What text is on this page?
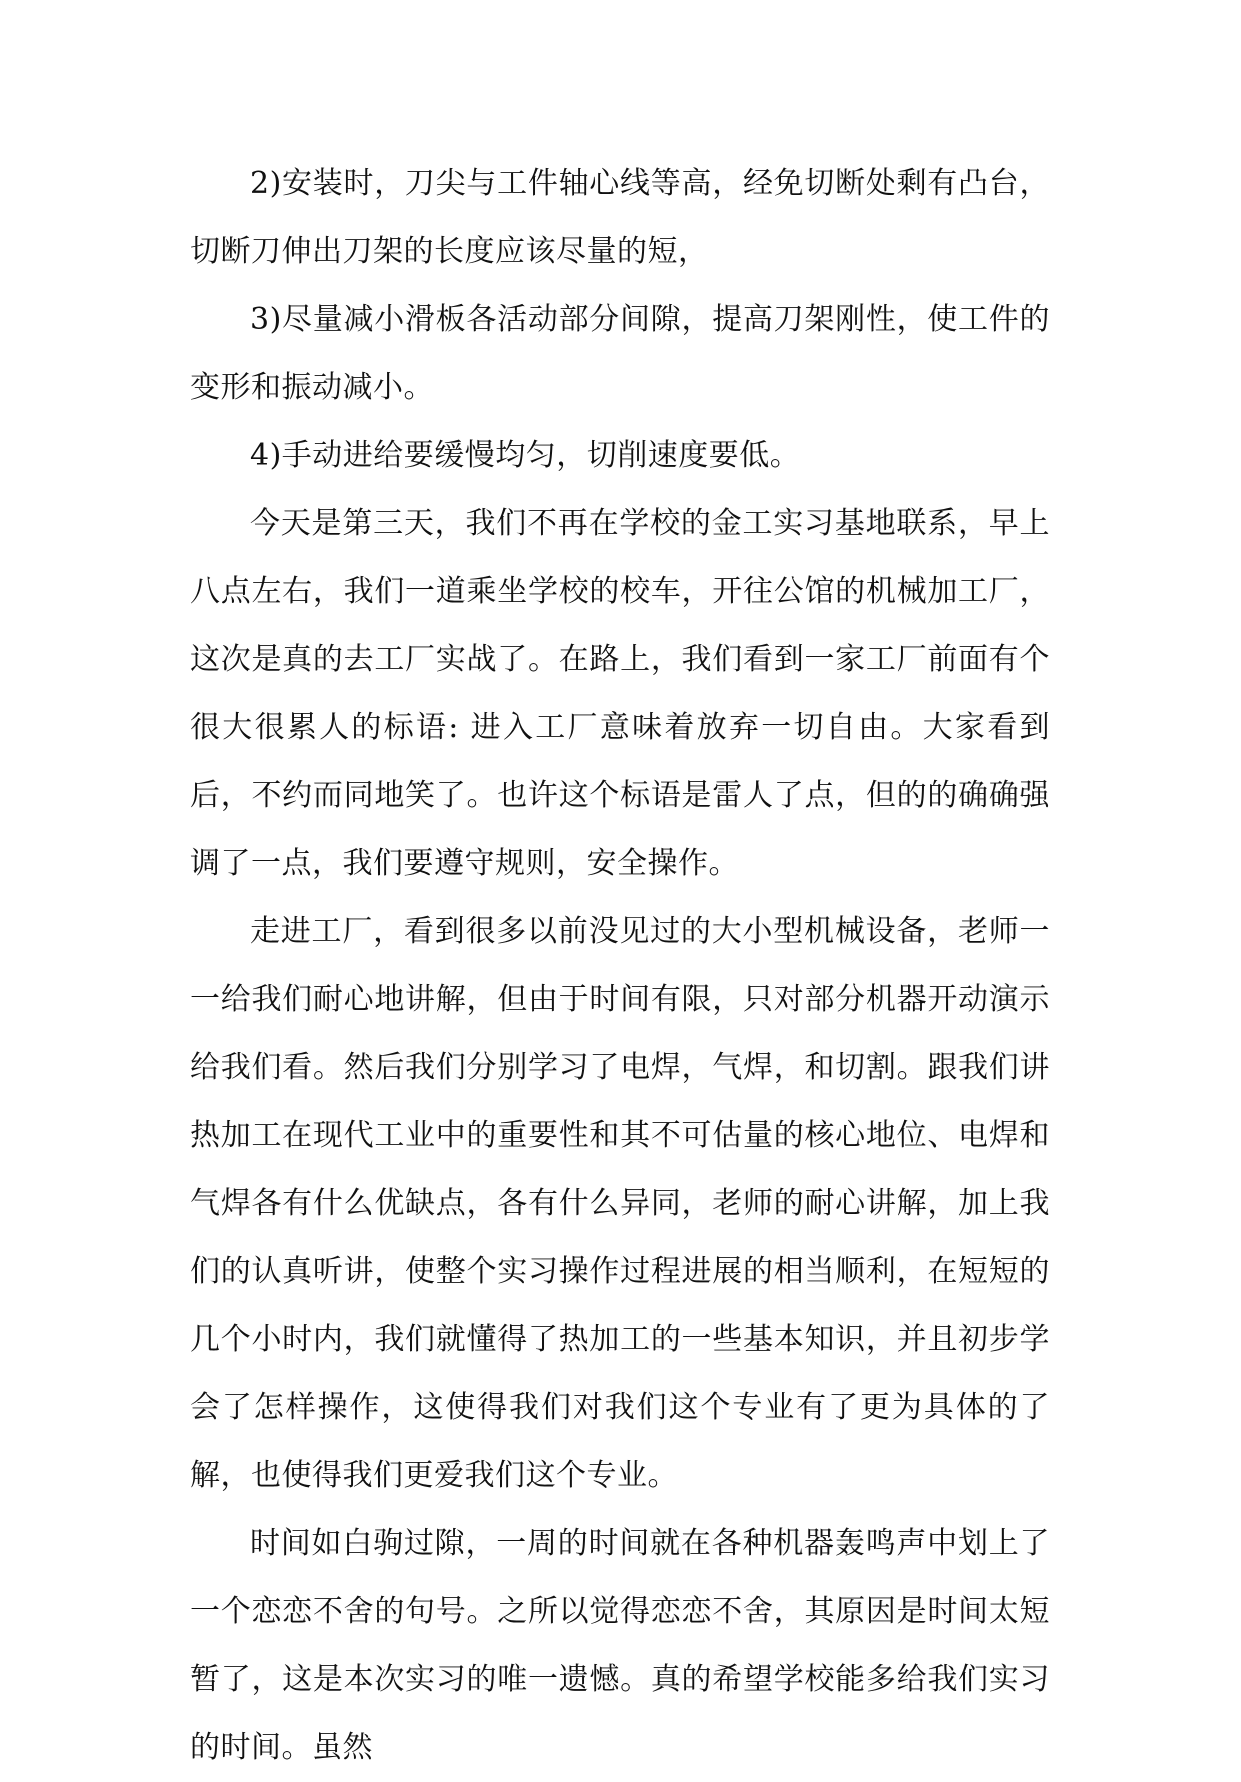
2)安装时，刀尖与工件轴心线等高，经免切断处剩有凸台，切断刀伸出刀架的长度应该尽量的短，

3)尽量减小滑板各活动部分间隙，提高刀架刚性，使工件的变形和振动减小。

4)手动进给要缓慢均匀，切削速度要低。

今天是第三天，我们不再在学校的金工实习基地联系，早上八点左右，我们一道乘坐学校的校车，开往公馆的机械加工厂，这次是真的去工厂实战了。在路上，我们看到一家工厂前面有个很大很累人的标语: 进入工厂意味着放弃一切自由。大家看到后，不约而同地笑了。也许这个标语是雷人了点，但的的确确强调了一点，我们要遵守规则，安全操作。

走进工厂，看到很多以前没见过的大小型机械设备，老师一一给我们耐心地讲解，但由于时间有限，只对部分机器开动演示给我们看。然后我们分别学习了电焊，气焊，和切割。跟我们讲热加工在现代工业中的重要性和其不可估量的核心地位、电焊和气焊各有什么优缺点，各有什么异同，老师的耐心讲解，加上我们的认真听讲，使整个实习操作过程进展的相当顺利，在短短的几个小时内，我们就懂得了热加工的一些基本知识，并且初步学会了怎样操作，这使得我们对我们这个专业有了更为具体的了解，也使得我们更爱我们这个专业。

时间如白驹过隙，一周的时间就在各种机器轰鸣声中划上了一个恋恋不舍的句号。之所以觉得恋恋不舍，其原因是时间太短暂了，这是本次实习的唯一遗憾。真的希望学校能多给我们实习的时间。虽然
